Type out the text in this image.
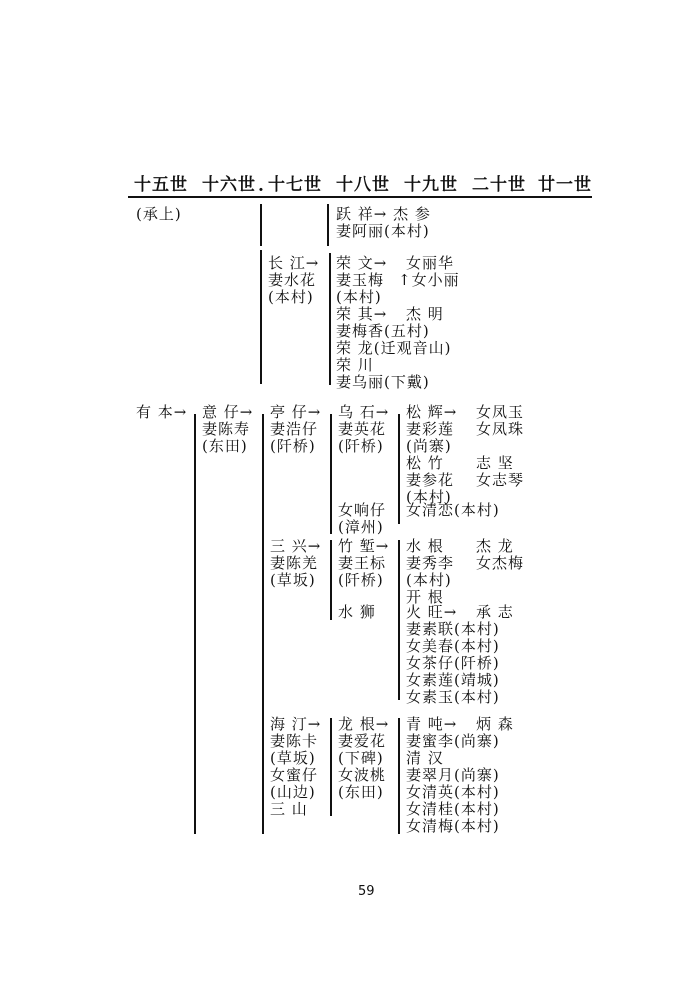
十五世 十六世 . 十七世 十八世 十九世 二十世 廿一世
(承上)	跃 祥→ 杰 参
妻阿丽(本村)
长 江→
妻水花
(本村)
荣 文→
妻玉梅
(本村)
荣 其→
妻梅香(五村)
荣 龙(迁观音山)
荣 川
妻乌丽(下戴)
女丽华
↑女小丽
杰 明
有 本→ 意 仔→
妻陈寿
(东田)
亭 仔→
妻浩仔
(阡桥)
乌 石→
妻英花
(阡桥)
松 辉→
妻彩莲
(尚寨)
松 竹
妻参花
(本村)
女凤玉
女凤珠
志 坚
女志琴
女响仔
(漳州)
女清恋(本村)
三 兴→
妻陈羌
(草坂)
竹 堑→
妻王标
(阡桥)
水 根
妻秀李
(本村)
开 根
杰 龙
女杰梅
水 狮 火 旺→
妻素联(本村)
女美春(本村)
女茶仔(阡桥)
女素莲(靖城)
女素玉(本村)
承 志
海 汀→
妻陈卡
(草坂)
女蜜仔
(山边)
三 山
龙 根→
妻爱花
(下碑)
女波桃
(东田)
青 吨→
妻蜜李(尚寨)
清 汉
妻翠月(尚寨)
女清英(本村)
女清桂(本村)
女清梅(本村)
炳 森
59
